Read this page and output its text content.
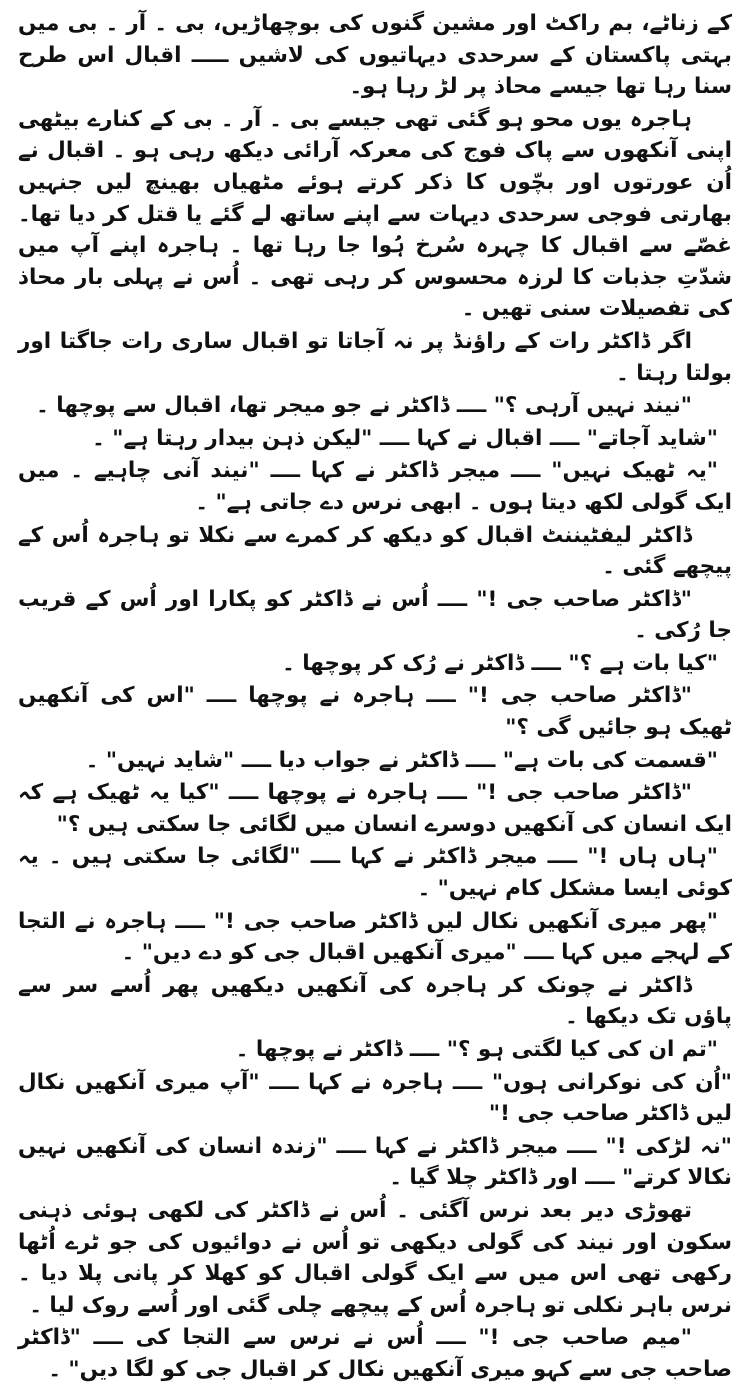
کے زناٹے، بم راکٹ اور مشین گنوں کی بوچھاڑیں، بی ۔ آر ۔ بی میں بہتی پاکستان کے سرحدی دیہاتیوں کی لاشیں ـــــ اقبال اس طرح سنا رہا تھا جیسے محاذ پر لڑ رہا ہو۔

ہاجرہ یوں محو ہو گئی تھی جیسے بی ۔ آر ۔ بی کے کنارے بیٹھی اپنی آنکھوں سے پاک فوج کی معرکہ آرائی دیکھ رہی ہو ۔ اقبال نے اُن عورتوں اور بچّوں کا ذکر کرتے ہوئے مٹھیاں بھینچ لیں جنہیں بھارتی فوجی سرحدی دیہات سے اپنے ساتھ لے گئے یا قتل کر دیا تھا۔ غصّے سے اقبال کا چہرہ سُرخ ہُوا جا رہا تھا ۔ ہاجرہ اپنے آپ میں شدّتِ جذبات کا لرزہ محسوس کر رہی تھی ۔ اُس نے پہلی بار محاذ کی تفصیلات سنی تھیں ۔

اگر ڈاکٹر رات کے راؤنڈ پر نہ آجاتا تو اقبال ساری رات جاگتا اور بولتا رہتا ۔

"نیند نہیں آرہی ؟" ــــ ڈاکٹر نے جو میجر تھا، اقبال سے پوچھا ۔

"شاید آجاتے" ــــ اقبال نے کہا ــــ "لیکن ذہن بیدار رہتا ہے" ۔

"یہ ٹھیک نہیں" ــــ میجر ڈاکٹر نے کہا ــــ "نیند آنی چاہیے ۔ میں ایک گولی لکھ دیتا ہوں ۔ ابھی نرس دے جاتی ہے" ۔

ڈاکٹر لیفٹیننٹ اقبال کو دیکھ کر کمرے سے نکلا تو ہاجرہ اُس کے پیچھے گئی ۔

"ڈاکٹر صاحب جی !" ــــ اُس نے ڈاکٹر کو پکارا اور اُس کے قریب جا رُکی ۔

"کیا بات ہے ؟" ــــ ڈاکٹر نے رُک کر پوچھا ۔

"ڈاکٹر صاحب جی !" ــــ ہاجرہ نے پوچھا ــــ "اس کی آنکھیں ٹھیک ہو جائیں گی ؟"

"قسمت کی بات ہے" ــــ ڈاکٹر نے جواب دیا ــــ "شاید نہیں" ۔

"ڈاکٹر صاحب جی !" ــــ ہاجرہ نے پوچھا ــــ "کیا یہ ٹھیک ہے کہ ایک انسان کی آنکھیں دوسرے انسان میں لگائی جا سکتی ہیں ؟"

"ہاں ہاں !" ــــ میجر ڈاکٹر نے کہا ــــ "لگائی جا سکتی ہیں ۔ یہ کوئی ایسا مشکل کام نہیں" ۔

"پھر میری آنکھیں نکال لیں ڈاکٹر صاحب جی !" ــــ ہاجرہ نے التجا کے لہجے میں کہا ــــ "میری آنکھیں اقبال جی کو دے دیں" ۔

ڈاکٹر نے چونک کر ہاجرہ کی آنکھیں دیکھیں پھر اُسے سر سے پاؤں تک دیکھا ۔

"تم ان کی کیا لگتی ہو ؟" ــــ ڈاکٹر نے پوچھا ۔

"اُن کی نوکرانی ہوں" ــــ ہاجرہ نے کہا ــــ "آپ میری آنکھیں نکال لیں ڈاکٹر صاحب جی !"

"نہ لڑکی !" ــــ میجر ڈاکٹر نے کہا ــــ "زندہ انسان کی آنکھیں نہیں نکالا کرتے" ــــ اور ڈاکٹر چلا گیا ۔

تھوڑی دیر بعد نرس آگئی ۔ اُس نے ڈاکٹر کی لکھی ہوئی ذہنی سکون اور نیند کی گولی دیکھی تو اُس نے دوائیوں کی جو ٹرے اُٹھا رکھی تھی اس میں سے ایک گولی اقبال کو کھلا کر پانی پلا دیا ۔ نرس باہر نکلی تو ہاجرہ اُس کے پیچھے چلی گئی اور اُسے روک لیا ۔

"میم صاحب جی !" ــــ اُس نے نرس سے التجا کی ــــ "ڈاکٹر صاحب جی سے کہو میری آنکھیں نکال کر اقبال جی کو لگا دیں" ۔
